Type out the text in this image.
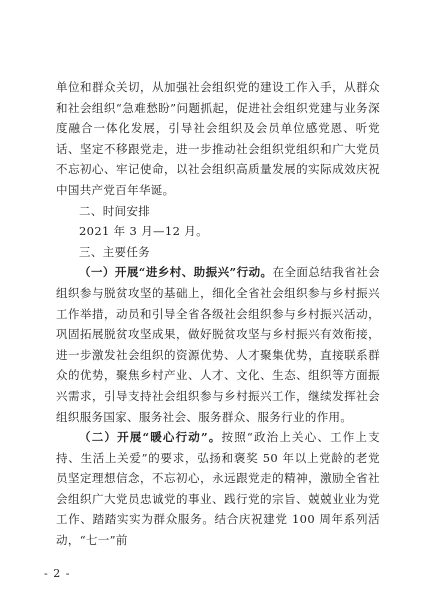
单位和群众关切，从加强社会组织党的建设工作入手，从群众和社会组织“急难愁盼”问题抓起，促进社会组织党建与业务深度融合一体化发展，引导社会组织及会员单位感党恩、听党话、坚定不移跟党走，进一步推动社会组织党组织和广大党员不忘初心、牢记使命，以社会组织高质量发展的实际成效庆祝中国共产党百年华诞。

二、时间安排

2021 年 3 月—12 月。

三、主要任务

（一）开展“进乡村、助振兴”行动。在全面总结我省社会组织参与脱贫攻坚的基础上，细化全省社会组织参与乡村振兴工作举措，动员和引导全省各级社会组织参与乡村振兴活动，巩固拓展脱贫攻坚成果，做好脱贫攻坚与乡村振兴有效衔接，进一步激发社会组织的资源优势、人才聚集优势，直接联系群众的优势，聚焦乡村产业、人才、文化、生态、组织等方面振兴需求，引导支持社会组织参与乡村振兴工作，继续发挥社会组织服务国家、服务社会、服务群众、服务行业的作用。

（二）开展“暖心行动”。按照“政治上关心、工作上支持、生活上关爱”的要求，弘扬和褒奖 50 年以上党龄的老党员坚定理想信念，不忘初心，永远跟党走的精神，激励全省社会组织广大党员忠诚党的事业、践行党的宗旨、兢兢业业为党工作、踏踏实实为群众服务。结合庆祝建党 100 周年系列活动，“七一”前

- 2 -
